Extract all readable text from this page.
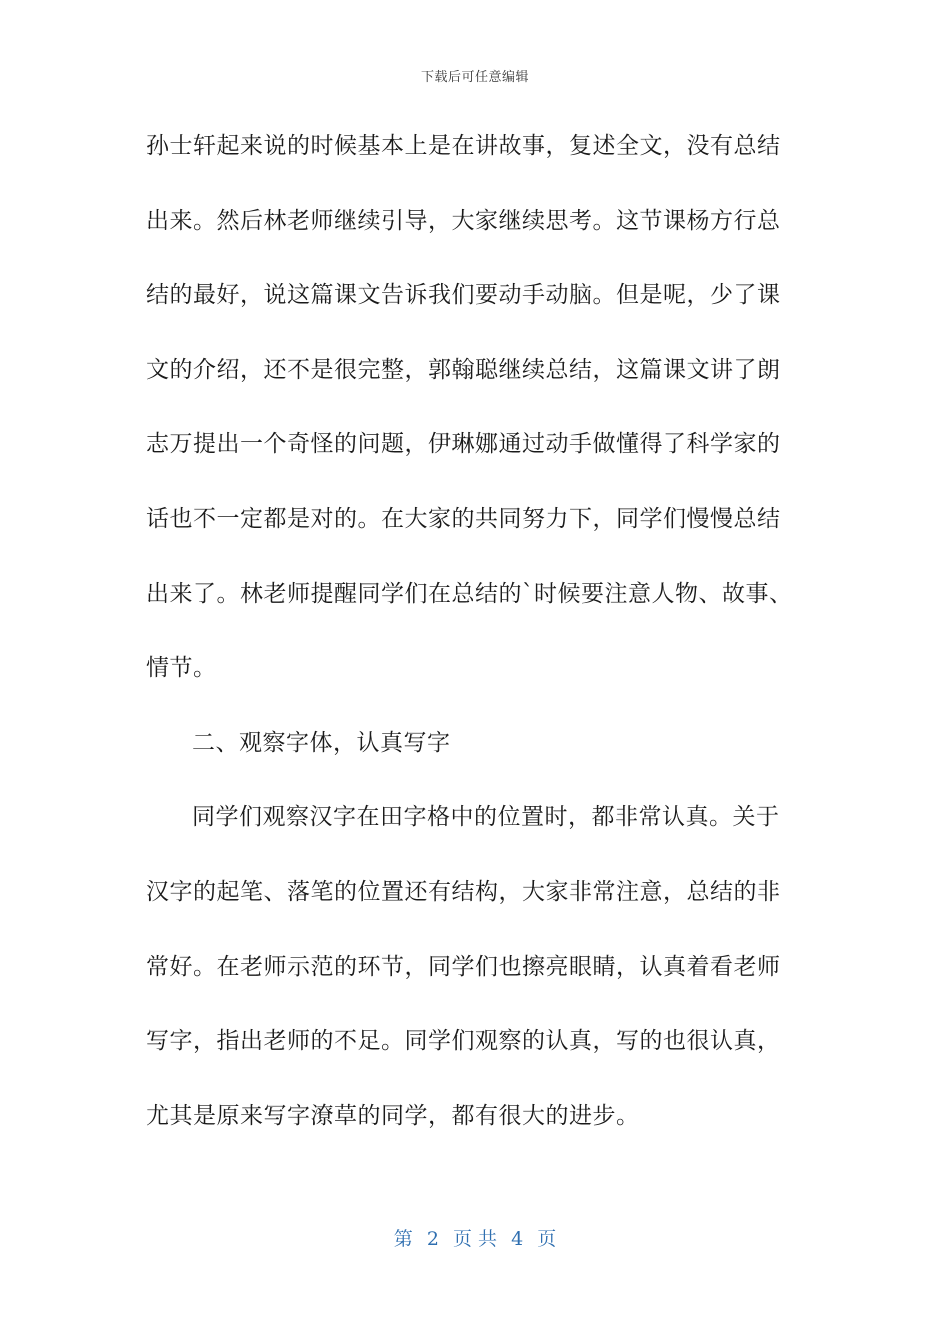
下载后可任意编辑
孙士轩起来说的时候基本上是在讲故事，复述全文，没有总结
出来。然后林老师继续引导，大家继续思考。这节课杨方行总
结的最好，说这篇课文告诉我们要动手动脑。但是呢，少了课
文的介绍，还不是很完整，郭翰聪继续总结，这篇课文讲了朗
志万提出一个奇怪的问题，伊琳娜通过动手做懂得了科学家的
话也不一定都是对的。在大家的共同努力下，同学们慢慢总结
出来了。林老师提醒同学们在总结的`时候要注意人物、故事、
情节。
二、观察字体，认真写字
同学们观察汉字在田字格中的位置时，都非常认真。关于
汉字的起笔、落笔的位置还有结构，大家非常注意，总结的非
常好。在老师示范的环节，同学们也擦亮眼睛，认真着看老师
写字，指出老师的不足。同学们观察的认真，写的也很认真，
尤其是原来写字潦草的同学，都有很大的进步。
第 2 页 共 4 页
